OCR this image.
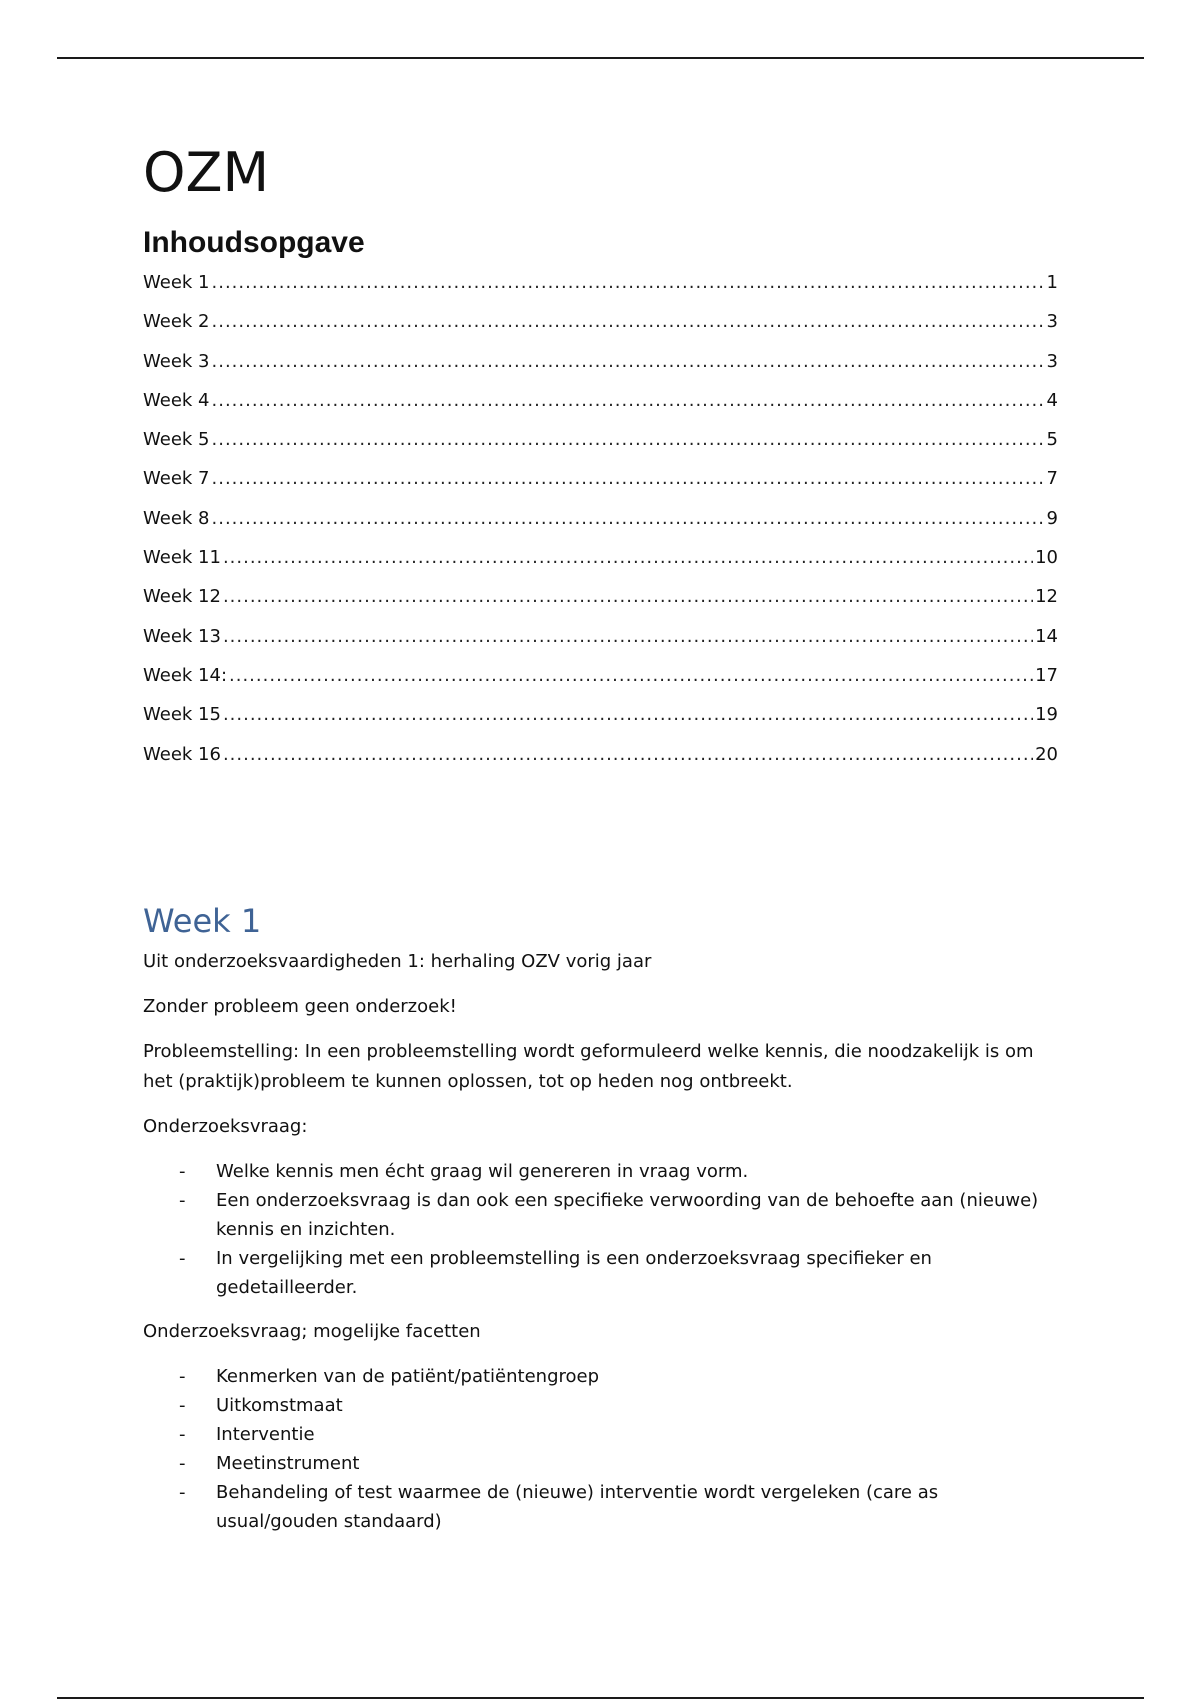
OZM
Inhoudsopgave
Week 1 .....	1
Week 2 .....	3
Week 3 .....	3
Week 4 .....	4
Week 5 .....	5
Week 7 .....	7
Week 8 .....	9
Week 11 .....	10
Week 12 .....	12
Week 13 .....	14
Week 14: .....	17
Week 15 .....	19
Week 16 .....	20
Week 1

Uit onderzoeksvaardigheden 1: herhaling OZV vorig jaar

Zonder probleem geen onderzoek!

Probleemstelling: In een probleemstelling wordt geformuleerd welke kennis, die noodzakelijk is om het (praktijk)probleem te kunnen oplossen, tot op heden nog ontbreekt.

Onderzoeksvraag:

- Welke kennis men écht graag wil genereren in vraag vorm.
- Een onderzoeksvraag is dan ook een specifieke verwoording van de behoefte aan (nieuwe) kennis en inzichten.
- In vergelijking met een probleemstelling is een onderzoeksvraag specifieker en gedetailleerder.

Onderzoeksvraag; mogelijke facetten

- Kenmerken van de patiënt/patiëntengroep
- Uitkomstmaat
- Interventie
- Meetinstrument
- Behandeling of test waarmee de (nieuwe) interventie wordt vergeleken (care as usual/gouden standaard)
